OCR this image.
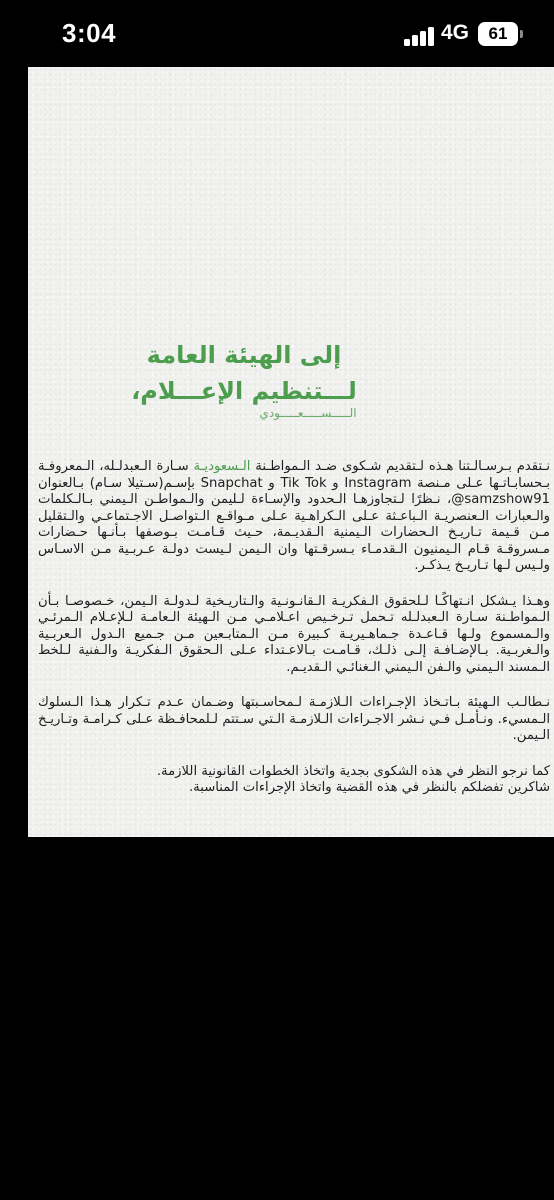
3:04	4G	61
إلى الهيئة العامة
لـــتنظيم الإعـــلام،
الـــــســـــعـــــودي

نـتقدم بـرسـالـتنا هـذه لـتقديم شـكوى ضـد الـمواطـنة الـسعوديـة سـارة الـعبدلـله، الـمعروفـة بـحسابـاتـها عـلى مـنصة Instagram و Tik Tok و Snapchat بإسـم(سـتيلا سـام) بـالعنوان samzshow91@، نـظرًا لـتجاوزهـا الـحدود والإسـاءة لـليمن والـمواطـن الـيمني بـالـكلمات والـعبارات الـعنصريـة الـباعـثة عـلى الـكراهـية عـلى مـواقـع الـتواصـل الاجـتماعـي والـتقليل مـن قـيمة تـاريـخ الـحضارات الـيمنية الـقديـمة، حـيث قـامـت بـوصفها بـأنـها حـضارات مـسروقـة قـام الـيمنيون الـقدمـاء بـسرقـتها وان الـيمن لـيست دولـة عـربـية مـن الاسـاس ولـيس لـها تـاريـخ يـذكـر.

وهـذا يـشكل انـتهاكًـا لـلحقوق الـفكريـة الـقانـونـية والـتاريـخية لـدولـة الـيمن، خـصوصـا بـأن الـمواطـنة سـارة الـعبدلـله تـحمل تـرخـيص اعـلامـي مـن الـهيئة الـعامـة لـلإعـلام الـمرئـي والـمسموع ولـها قـاعـدة جـماهـيريـة كـبيرة مـن الـمتابـعين مـن جـميع الـدول الـعربـية والـغربـية. بـالإضـافـة إلـى ذلـك، قـامـت بـالاعـتداء عـلى الـحقوق الـفكريـة والـفنية لـلخط الـمسند الـيمني والـفن الـيمني الـغنائـي الـقديـم.

نـطالـب الـهيئة بـاتـخاذ الإجـراءات الـلازمـة لـمحاسـبتها وضـمان عـدم تـكرار هـذا الـسلوك الـمسيء. ونـأمـل فـي نـشر الاجـراءات الـلازمـة الـتي سـتتم لـلمحافـظة عـلى كـرامـة وتـاريـخ الـيمن.

كما نرجو النظر في هذه الشكوى بجدية واتخاذ الخطوات القانونية اللازمة.

شاكرين تفضلكم بالنظر في هذه القضية واتخاذ الإجراءات المناسبة.
